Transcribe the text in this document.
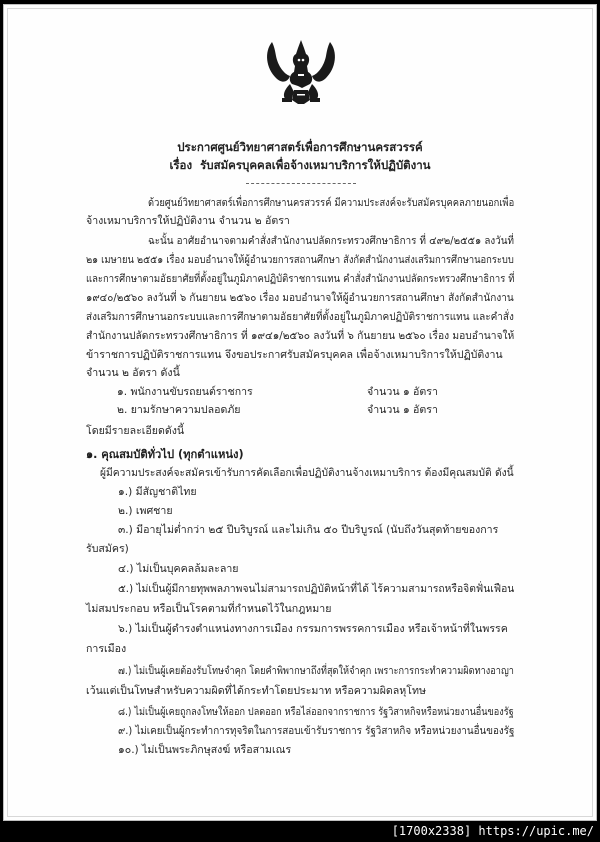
ประกาศศูนย์วิทยาศาสตร์เพื่อการศึกษานครสวรรค์
เรื่อง รับสมัครบุคคลเพื่อจ้างเหมาบริการให้ปฏิบัติงาน
ด้วยศูนย์วิทยาศาสตร์เพื่อการศึกษานครสวรรค์ มีความประสงค์จะรับสมัครบุคคลภายนอกเพื่อ
จ้างเหมาบริการให้ปฏิบัติงาน จำนวน ๒ อัตรา
ฉะนั้น อาศัยอำนาจตามคำสั่งสำนักงานปลัดกระทรวงศึกษาธิการ ที่ ๔๙๒/๒๕๕๑ ลงวันที่
๒๑ เมษายน ๒๕๕๑ เรื่อง มอบอำนาจให้ผู้อำนวยการสถานศึกษา สังกัดสำนักงานส่งเสริมการศึกษานอกระบบ
และการศึกษาตามอัธยาศัยที่ตั้งอยู่ในภูมิภาคปฏิบัติราชการแทน คำสั่งสำนักงานปลัดกระทรวงศึกษาธิการ ที่
๑๙๔๐/๒๕๖๐ ลงวันที่ ๖ กันยายน ๒๕๖๐ เรื่อง มอบอำนาจให้ผู้อำนวยการสถานศึกษา สังกัดสำนักงาน
ส่งเสริมการศึกษานอกระบบและการศึกษาตามอัธยาศัยที่ตั้งอยู่ในภูมิภาคปฏิบัติราชการแทน และคำสั่ง
สำนักงานปลัดกระทรวงศึกษาธิการ ที่ ๑๙๔๑/๒๕๖๐ ลงวันที่ ๖ กันยายน ๒๕๖๐ เรื่อง มอบอำนาจให้
ข้าราชการปฏิบัติราชการแทน จึงขอประกาศรับสมัครบุคคล เพื่อจ้างเหมาบริการให้ปฏิบัติงาน
จำนวน ๒ อัตรา ดังนี้
๑. พนักงานขับรถยนต์ราชการ	จำนวน ๑ อัตรา
๒. ยามรักษาความปลอดภัย	จำนวน ๑ อัตรา
โดยมีรายละเอียดดังนี้
๑. คุณสมบัติทั่วไป (ทุกตำแหน่ง)
ผู้มีความประสงค์จะสมัครเข้ารับการคัดเลือกเพื่อปฏิบัติงานจ้างเหมาบริการ ต้องมีคุณสมบัติ ดังนี้
๑.) มีสัญชาติไทย
๒.) เพศชาย
๓.) มีอายุไม่ต่ำกว่า ๒๕ ปีบริบูรณ์ และไม่เกิน ๕๐ ปีบริบูรณ์ (นับถึงวันสุดท้ายของการ
รับสมัคร)
๔.) ไม่เป็นบุคคลล้มละลาย
๕.) ไม่เป็นผู้มีกายทุพพลภาพจนไม่สามารถปฏิบัติหน้าที่ได้ ไร้ความสามารถหรือจิตฟั่นเฟือน
ไม่สมประกอบ หรือเป็นโรคตามที่กำหนดไว้ในกฎหมาย
๖.) ไม่เป็นผู้ดำรงตำแหน่งทางการเมือง กรรมการพรรคการเมือง หรือเจ้าหน้าที่ในพรรค
การเมือง
๗.) ไม่เป็นผู้เคยต้องรับโทษจำคุก โดยคำพิพากษาถึงที่สุดให้จำคุก เพราะการกระทำความผิดทางอาญา
เว้นแต่เป็นโทษสำหรับความผิดที่ได้กระทำโดยประมาท หรือความผิดลหุโทษ
๘.) ไม่เป็นผู้เคยถูกลงโทษให้ออก ปลดออก หรือไล่ออกจากราชการ รัฐวิสาหกิจหรือหน่วยงานอื่นของรัฐ
๙.) ไม่เคยเป็นผู้กระทำการทุจริตในการสอบเข้ารับราชการ รัฐวิสาหกิจ หรือหน่วยงานอื่นของรัฐ
๑๐.) ไม่เป็นพระภิกษุสงฆ์ หรือสามเณร
[1700x2338] https://upic.me/
